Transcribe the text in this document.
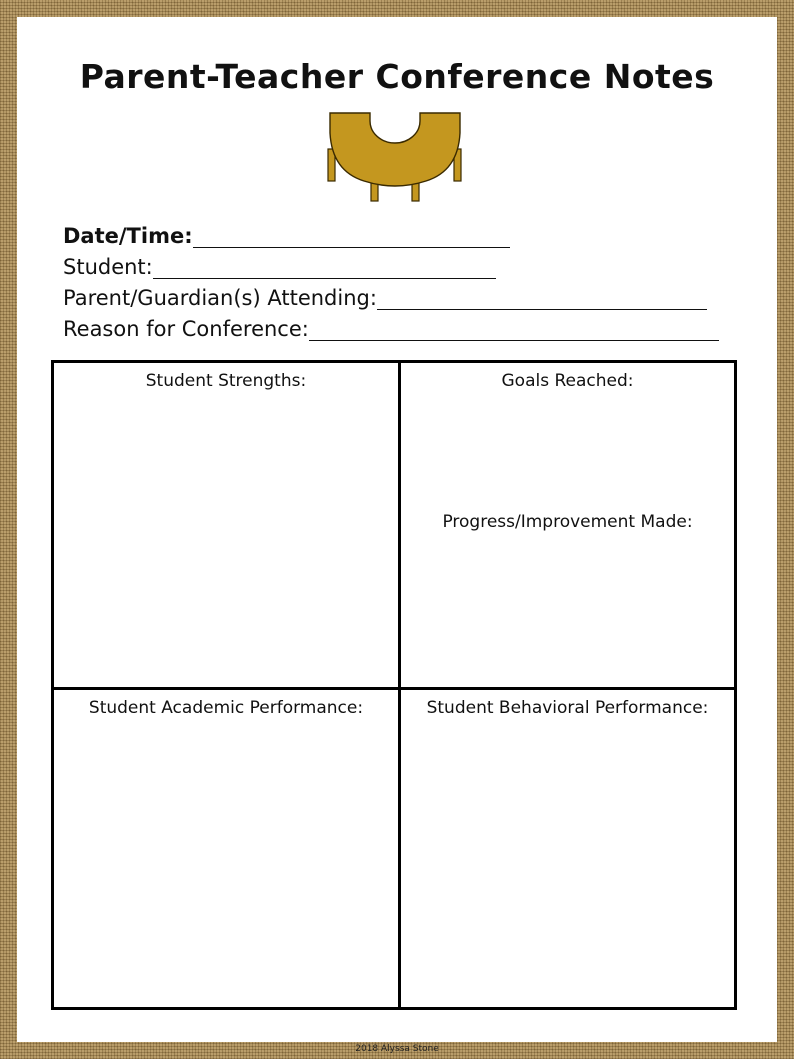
Parent-Teacher Conference Notes
Date/Time:
Student:
Parent/Guardian(s) Attending:
Reason for Conference:
Student Strengths:	Goals Reached:
Progress/Improvement Made:
Student Academic Performance:	Student Behavioral Performance:
2018 Alyssa Stone
